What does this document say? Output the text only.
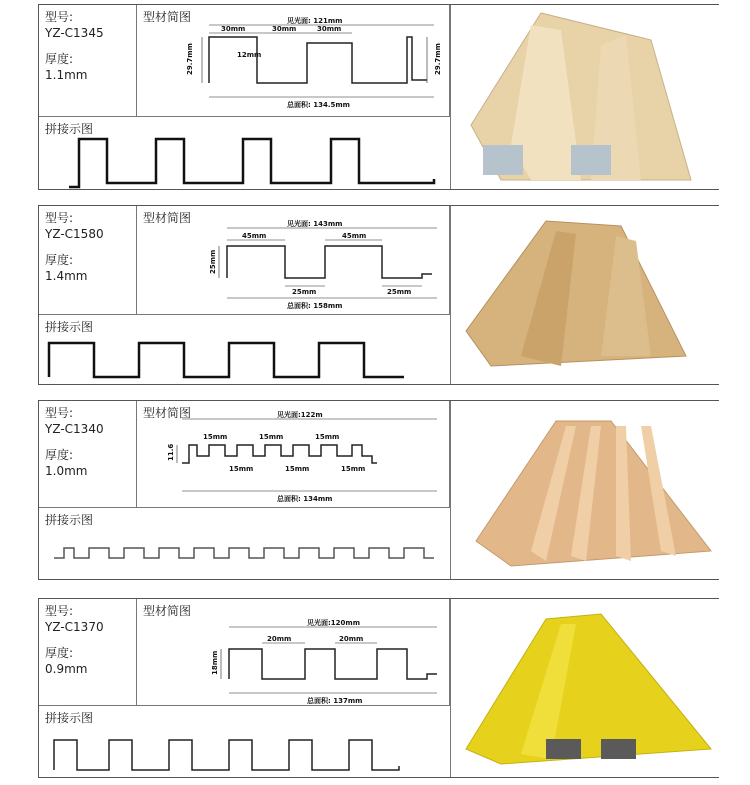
型号:
YZ-C1345
厚度:
1.1mm
型材简图	见光面: 121mm
总面积: 134.5mm
30mm	30mm	30mm
12mm
29.7mm	29.7mm
拼接示图
型号:
YZ-C1580
厚度:
1.4mm
型材简图	见光面: 143mm
总面积: 158mm
45mm	45mm
25mm	25mm
25mm
拼接示图
型号:
YZ-C1340
厚度:
1.0mm
型材简图	见光面:122m
总面积: 134mm
15mm	15mm	15mm
15mm	15mm	15mm
11.6
拼接示图
型号:
YZ-C1370
厚度:
0.9mm
型材简图
见光面:120mm
总面积: 137mm
20mm	20mm
18mm
拼接示图
